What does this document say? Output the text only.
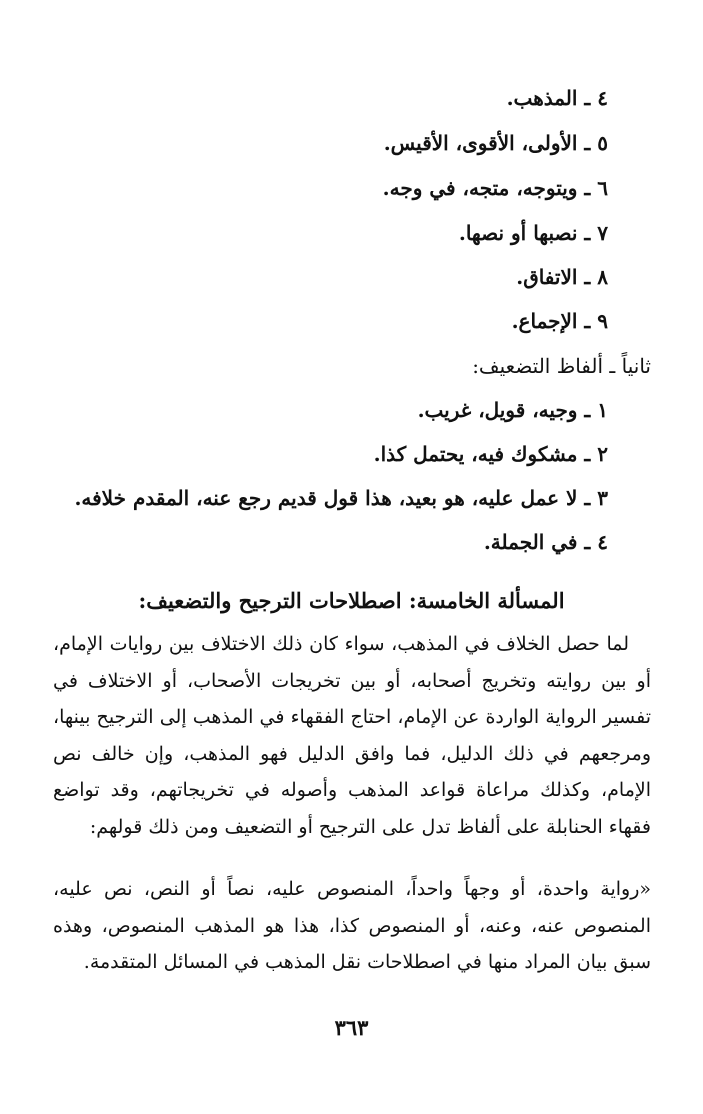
٤ ـ المذهب.
٥ ـ الأولى، الأقوى، الأقيس.
٦ ـ ويتوجه، متجه، في وجه.
٧ ـ نصبها أو نصها.
٨ ـ الاتفاق.
٩ ـ الإجماع.
ثانياً ـ ألفاظ التضعيف:
١ ـ وجيه، قويل، غريب.
٢ ـ مشكوك فيه، يحتمل كذا.
٣ ـ لا عمل عليه، هو بعيد، هذا قول قديم رجع عنه، المقدم خلافه.
٤ ـ في الجملة.
المسألة الخامسة: اصطلاحات الترجيح والتضعيف:
لما حصل الخلاف في المذهب، سواء كان ذلك الاختلاف بين روايات الإمام، أو بين روايته وتخريج أصحابه، أو بين تخريجات الأصحاب، أو الاختلاف في تفسير الرواية الواردة عن الإمام، احتاج الفقهاء في المذهب إلى الترجيح بينها، ومرجعهم في ذلك الدليل، فما وافق الدليل فهو المذهب، وإن خالف نص الإمام، وكذلك مراعاة قواعد المذهب وأصوله في تخريجاتهم، وقد تواضع فقهاء الحنابلة على ألفاظ تدل على الترجيح أو التضعيف ومن ذلك قولهم:
«رواية واحدة، أو وجهاً واحداً، المنصوص عليه، نصاً أو النص، نص عليه، المنصوص عنه، وعنه، أو المنصوص كذا، هذا هو المذهب المنصوص، وهذه سبق بيان المراد منها في اصطلاحات نقل المذهب في المسائل المتقدمة.
٣٦٣
